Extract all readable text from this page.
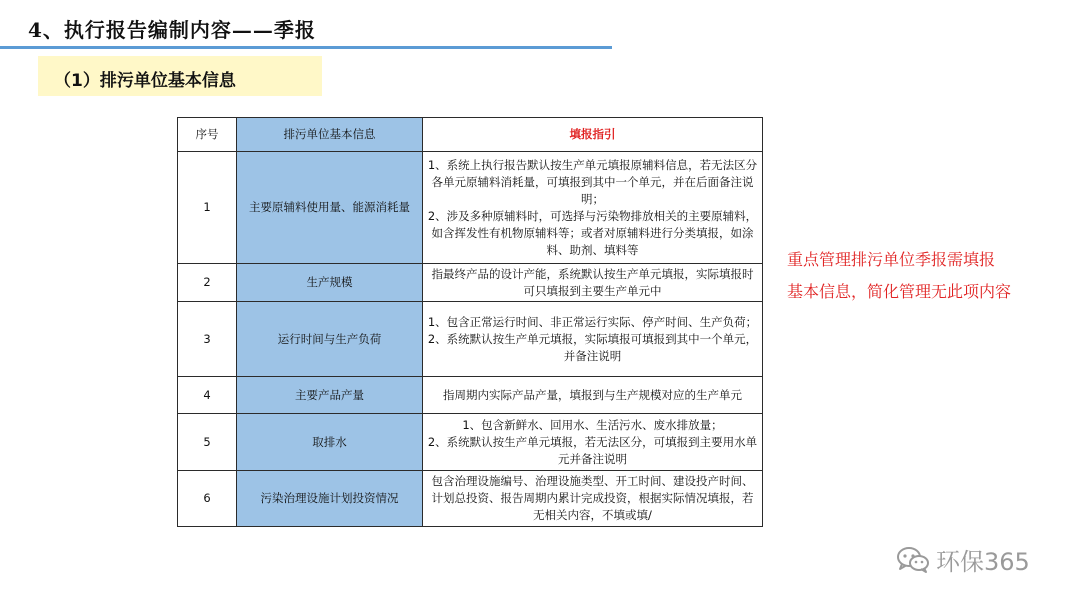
4、执行报告编制内容——季报
（1）排污单位基本信息
序号	排污单位基本信息	填报指引
1	主要原辅料使用量、能源消耗量	1、系统上执行报告默认按生产单元填报原辅料信息，若无法区分各单元原辅料消耗量，可填报到其中一个单元，并在后面备注说明；
2、涉及多种原辅料时，可选择与污染物排放相关的主要原辅料，如含挥发性有机物原辅料等；或者对原辅料进行分类填报，如涂料、助剂、填料等

2	生产规模	指最终产品的设计产能，系统默认按生产单元填报，实际填报时可只填报到主要生产单元中

3	运行时间与生产负荷	1、包含正常运行时间、非正常运行实际、停产时间、生产负荷；
2、系统默认按生产单元填报，实际填报可填报到其中一个单元，并备注说明

4	主要产品产量	指周期内实际产品产量，填报到与生产规模对应的生产单元

5	取排水	1、包含新鲜水、回用水、生活污水、废水排放量；
2、系统默认按生产单元填报，若无法区分，可填报到主要用水单元并备注说明

6	污染治理设施计划投资情况	包含治理设施编号、治理设施类型、开工时间、建设投产时间、计划总投资、报告周期内累计完成投资，根据实际情况填报，若无相关内容，不填或填/
重点管理排污单位季报需填报
基本信息，简化管理无此项内容
环保365
